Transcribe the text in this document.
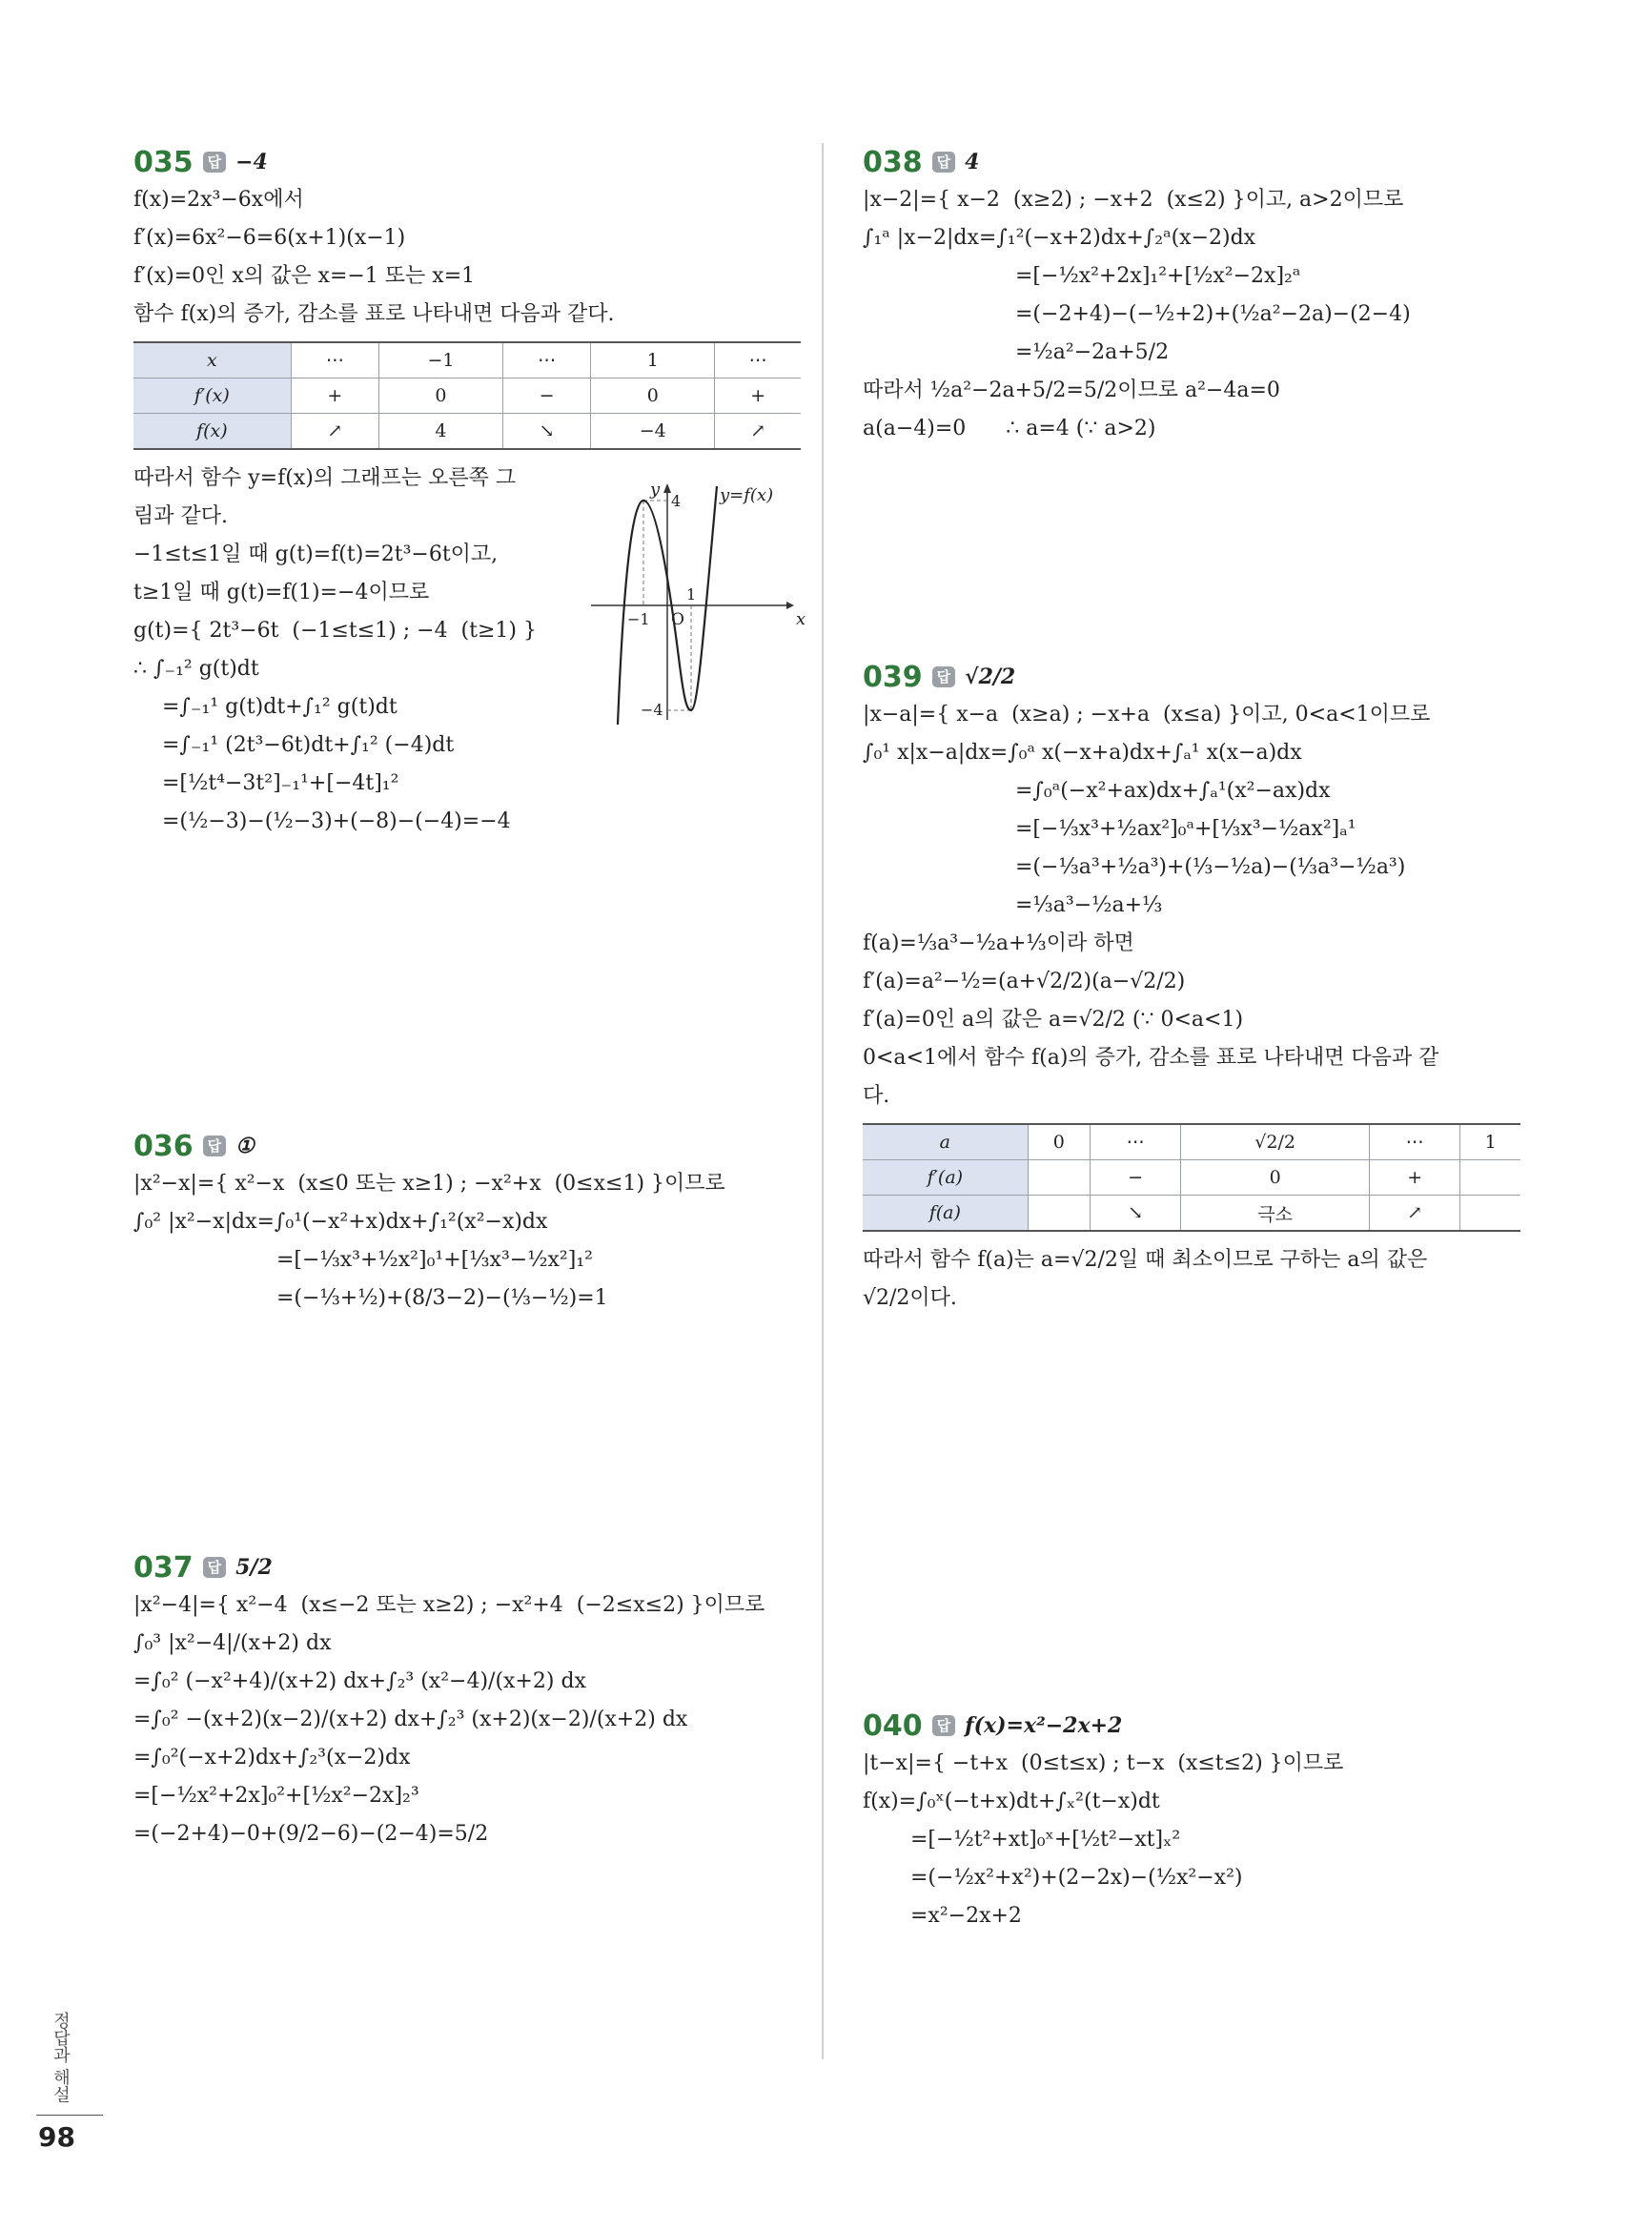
035	답 −4
f(x)=2x³−6x에서
f′(x)=6x²−6=6(x+1)(x−1)
f′(x)=0인 x의 값은 x=−1 또는 x=1
함수 f(x)의 증가, 감소를 표로 나타내면 다음과 같다.
x	⋯	−1	⋯	1	⋯
f′(x)	+	0	−	0	+
f(x)	↗	4	↘	−4	↗
따라서 함수 y=f(x)의 그래프는 오른쪽 그
림과 같다.
−1≤t≤1일 때 g(t)=f(t)=2t³−6t이고,
t≥1일 때 g(t)=f(1)=−4이므로
g(t)={ 2t³−6t  (−1≤t≤1) ; −4  (t≥1) }
∴ ∫₋₁² g(t)dt
=∫₋₁¹ g(t)dt+∫₁² g(t)dt
=∫₋₁¹ (2t³−6t)dt+∫₁² (−4)dt
=[½t⁴−3t²]₋₁¹+[−4t]₁²
=(½−3)−(½−3)+(−8)−(−4)=−4
y
x
y=f(x)
O
4
−4
−1
1
036	답 ①
|x²−x|={ x²−x  (x≤0 또는 x≥1) ; −x²+x  (0≤x≤1) }이므로
∫₀² |x²−x|dx=∫₀¹(−x²+x)dx+∫₁²(x²−x)dx
=[−⅓x³+½x²]₀¹+[⅓x³−½x²]₁²
=(−⅓+½)+(8/3−2)−(⅓−½)=1
037	답 5/2
|x²−4|={ x²−4  (x≤−2 또는 x≥2) ; −x²+4  (−2≤x≤2) }이므로
∫₀³ |x²−4|/(x+2) dx
=∫₀² (−x²+4)/(x+2) dx+∫₂³ (x²−4)/(x+2) dx
=∫₀² −(x+2)(x−2)/(x+2) dx+∫₂³ (x+2)(x−2)/(x+2) dx
=∫₀²(−x+2)dx+∫₂³(x−2)dx
=[−½x²+2x]₀²+[½x²−2x]₂³
=(−2+4)−0+(9/2−6)−(2−4)=5/2
038	답 4
|x−2|={ x−2  (x≥2) ; −x+2  (x≤2) }이고, a>2이므로
∫₁ᵃ |x−2|dx=∫₁²(−x+2)dx+∫₂ᵃ(x−2)dx
=[−½x²+2x]₁²+[½x²−2x]₂ᵃ
=(−2+4)−(−½+2)+(½a²−2a)−(2−4)
=½a²−2a+5/2
따라서 ½a²−2a+5/2=5/2이므로 a²−4a=0
a(a−4)=0      ∴ a=4 (∵ a>2)
039	답 √2/2
|x−a|={ x−a  (x≥a) ; −x+a  (x≤a) }이고, 0<a<1이므로
∫₀¹ x|x−a|dx=∫₀ᵃ x(−x+a)dx+∫ₐ¹ x(x−a)dx
=∫₀ᵃ(−x²+ax)dx+∫ₐ¹(x²−ax)dx
=[−⅓x³+½ax²]₀ᵃ+[⅓x³−½ax²]ₐ¹
=(−⅓a³+½a³)+(⅓−½a)−(⅓a³−½a³)
=⅓a³−½a+⅓
f(a)=⅓a³−½a+⅓이라 하면
f′(a)=a²−½=(a+√2/2)(a−√2/2)
f′(a)=0인 a의 값은 a=√2/2 (∵ 0<a<1)
0<a<1에서 함수 f(a)의 증가, 감소를 표로 나타내면 다음과 같
다.
a	0	⋯	√2/2	⋯	1
f′(a)		−	0	+	
f(a)		↘	극소	↗	
따라서 함수 f(a)는 a=√2/2일 때 최소이므로 구하는 a의 값은
√2/2이다.
040	답 f(x)=x²−2x+2
|t−x|={ −t+x  (0≤t≤x) ; t−x  (x≤t≤2) }이므로
f(x)=∫₀ˣ(−t+x)dt+∫ₓ²(t−x)dt
=[−½t²+xt]₀ˣ+[½t²−xt]ₓ²
=(−½x²+x²)+(2−2x)−(½x²−x²)
=x²−2x+2
정답과 해설
98
